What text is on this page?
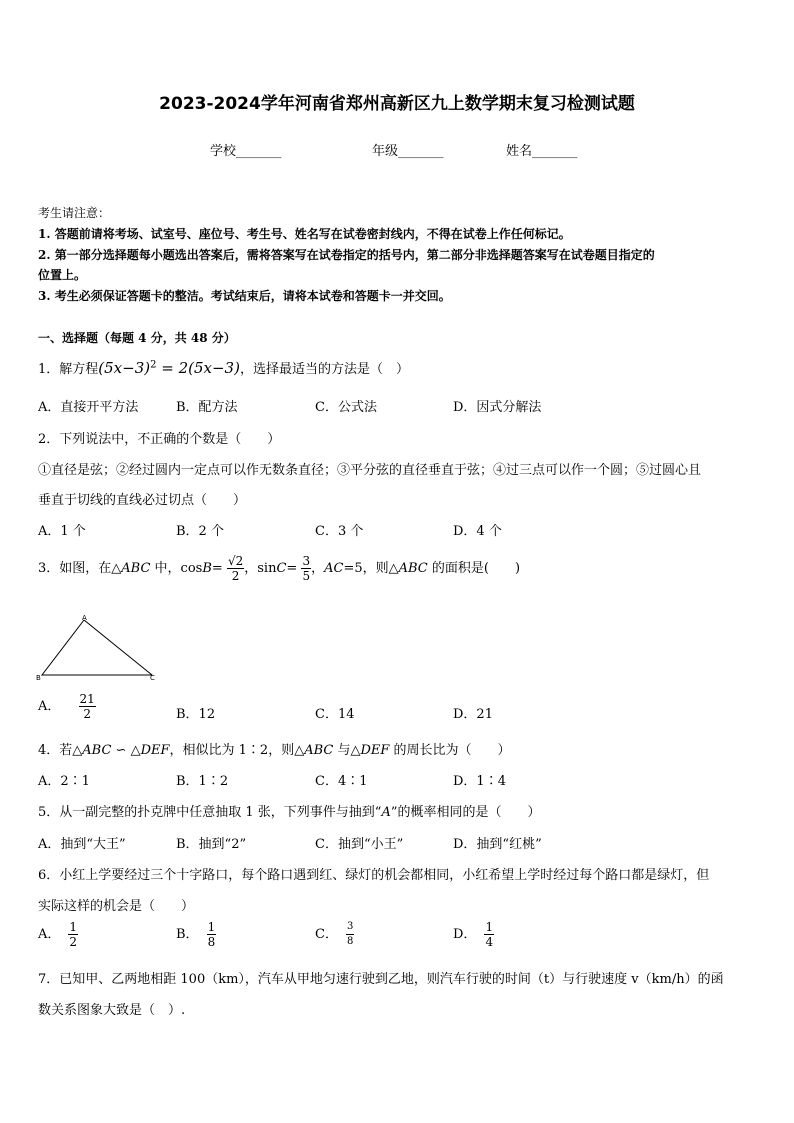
2023-2024学年河南省郑州高新区九上数学期末复习检测试题
学校_______	年级_______	姓名_______
考生请注意：
1. 答题前请将考场、试室号、座位号、考生号、姓名写在试卷密封线内，不得在试卷上作任何标记。
2. 第一部分选择题每小题选出答案后，需将答案写在试卷指定的括号内，第二部分非选择题答案写在试卷题目指定的
位置上。
3. 考生必须保证答题卡的整洁。考试结束后，请将本试卷和答题卡一并交回。
一、选择题（每题 4 分，共 48 分）
1．解方程$(5x-3)^2 = 2(5x-3)$，选择最适当的方法是（　）
A．直接开平方法	B．配方法	C．公式法	D．因式分解法
2．下列说法中，不正确的个数是（　　）
①直径是弦；②经过圆内一定点可以作无数条直径；③平分弦的直径垂直于弦；④过三点可以作一个圆；⑤过圆心且
垂直于切线的直线必过切点（　　）
A．1 个	B．2 个	C．3 个	D．4 个
3．如图，在△ABC 中，$\cos B= \frac{√2}{2}$ ，$\sin C= \frac{3}{5}$ ，AC=5，则△ABC 的面积是(　　)
A
B	C
A． $\frac{21}{2}$	B．12	C．14	D．21
4．若△ABC ∽ △DEF，相似比为 1∶2，则△ABC 与△DEF 的周长比为（　　）
A．2∶1	B．1∶2	C．4∶1	D．1∶4
5．从一副完整的扑克牌中任意抽取 1 张，下列事件与抽到“A”的概率相同的是（　　）
A．抽到“大王”	B．抽到“2”	C．抽到“小王”	D．抽到“红桃”
6．小红上学要经过三个十字路口，每个路口遇到红、绿灯的机会都相同，小红希望上学时经过每个路口都是绿灯，但
实际这样的机会是（　　）
A． $\frac{1}{2}$	B． $\frac{1}{8}$	C． $\frac{3}{8}$	D． $\frac{1}{4}$
7．已知甲、乙两地相距 100（km），汽车从甲地匀速行驶到乙地，则汽车行驶的时间（t）与行驶速度 v（km/h）的函
数关系图象大致是（　）.
